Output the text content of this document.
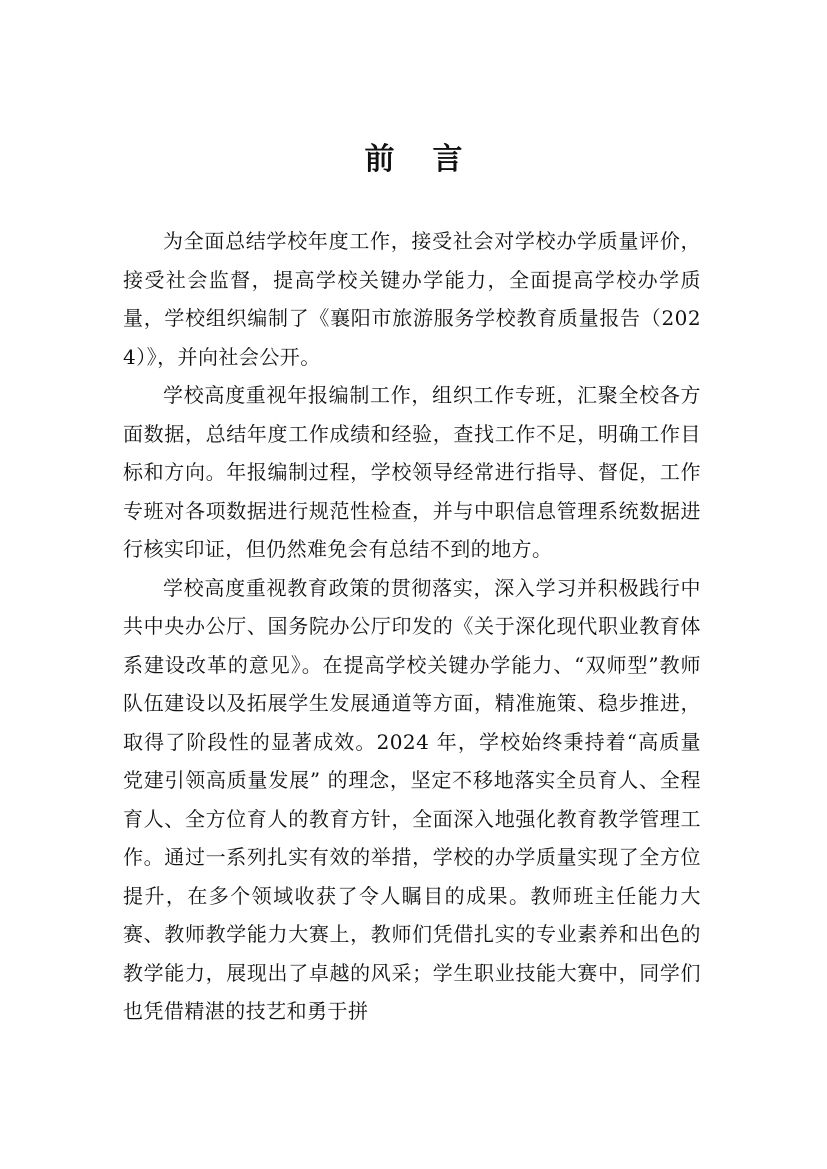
前 言

为全面总结学校年度工作，接受社会对学校办学质量评价，接受社会监督，提高学校关键办学能力，全面提高学校办学质量，学校组织编制了《襄阳市旅游服务学校教育质量报告（2024）》，并向社会公开。

学校高度重视年报编制工作，组织工作专班，汇聚全校各方面数据，总结年度工作成绩和经验，查找工作不足，明确工作目标和方向。年报编制过程，学校领导经常进行指导、督促，工作专班对各项数据进行规范性检查，并与中职信息管理系统数据进行核实印证，但仍然难免会有总结不到的地方。

学校高度重视教育政策的贯彻落实，深入学习并积极践行中共中央办公厅、国务院办公厅印发的《关于深化现代职业教育体系建设改革的意见》。在提高学校关键办学能力、“双师型”教师队伍建设以及拓展学生发展通道等方面，精准施策、稳步推进，取得了阶段性的显著成效。2024 年，学校始终秉持着“高质量党建引领高质量发展” 的理念，坚定不移地落实全员育人、全程育人、全方位育人的教育方针，全面深入地强化教育教学管理工作。通过一系列扎实有效的举措，学校的办学质量实现了全方位提升，在多个领域收获了令人瞩目的成果。教师班主任能力大赛、教师教学能力大赛上，教师们凭借扎实的专业素养和出色的教学能力，展现出了卓越的风采；学生职业技能大赛中，同学们也凭借精湛的技艺和勇于拼
